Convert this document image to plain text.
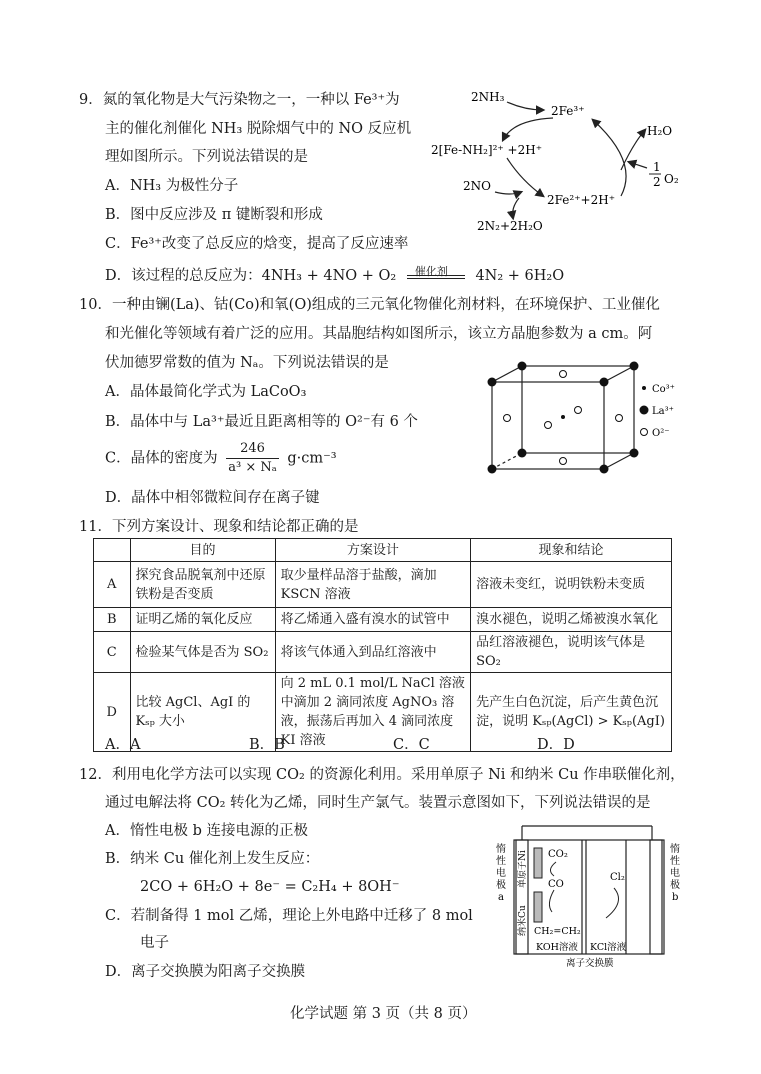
9．氮的氧化物是大气污染物之一，一种以 Fe³⁺为
主的催化剂催化 NH₃ 脱除烟气中的 NO 反应机
理如图所示。下列说法错误的是
A．NH₃ 为极性分子
B．图中反应涉及 π 键断裂和形成
C．Fe³⁺改变了总反应的焓变，提高了反应速率
D．该过程的总反应为：4NH₃ + 4NO + O₂ 催化剂 4N₂ + 6H₂O
2NH₃
2Fe³⁺
2[Fe-NH₂]²⁺ +2H⁺
H₂O
1
2 O₂
2NO
2Fe²⁺+2H⁺
2N₂+2H₂O
10．一种由镧(La)、钴(Co)和氧(O)组成的三元氧化物催化剂材料，在环境保护、工业催化
和光催化等领域有着广泛的应用。其晶胞结构如图所示，该立方晶胞参数为 a cm。阿
伏加德罗常数的值为 Nₐ。下列说法错误的是
A．晶体最简化学式为 LaCoO₃
B．晶体中与 La³⁺最近且距离相等的 O²⁻有 6 个
C．晶体的密度为 $\frac{246}{\text{a³ × Nₐ}} g\cdot cm^{-3}$
D．晶体中相邻微粒间存在离子键
Co³⁺
La³⁺
O²⁻
11．下列方案设计、现象和结论都正确的是
	目的	方案设计	现象和结论
A	探究食品脱氧剂中还原铁粉是否变质	取少量样品溶于盐酸，滴加 KSCN 溶液	溶液未变红，说明铁粉未变质
B	证明乙烯的氧化反应	将乙烯通入盛有溴水的试管中	溴水褪色，说明乙烯被溴水氧化
C	检验某气体是否为 SO₂	将该气体通入到品红溶液中	品红溶液褪色，说明该气体是 SO₂
D	比较 AgCl、AgI 的 Kₛₚ 大小	向 2 mL 0.1 mol/L NaCl 溶液中滴加 2 滴同浓度 AgNO₃ 溶液，振荡后再加入 4 滴同浓度 KI 溶液	先产生白色沉淀，后产生黄色沉淀，说明 Kₛₚ(AgCl) > Kₛₚ(AgI)
A．A	B．B	C．C	D．D
12．利用电化学方法可以实现 CO₂ 的资源化利用。采用单原子 Ni 和纳米 Cu 作串联催化剂，
通过电解法将 CO₂ 转化为乙烯，同时生产氯气。装置示意图如下，下列说法错误的是
A．惰性电极 b 连接电源的正极
B．纳米 Cu 催化剂上发生反应：
2CO + 6H₂O + 8e⁻ = C₂H₄ + 8OH⁻
C．若制备得 1 mol 乙烯，理论上外电路中迁移了 8 mol
电子
D．离子交换膜为阳离子交换膜
CO₂
CO
CH₂=CH₂
KOH溶液 KCl溶液
Cl₂
离子交换膜
惰
性
电
极
a
惰
性
电
极
b
单原子Ni
纳米Cu
化学试题 第 3 页（共 8 页）
